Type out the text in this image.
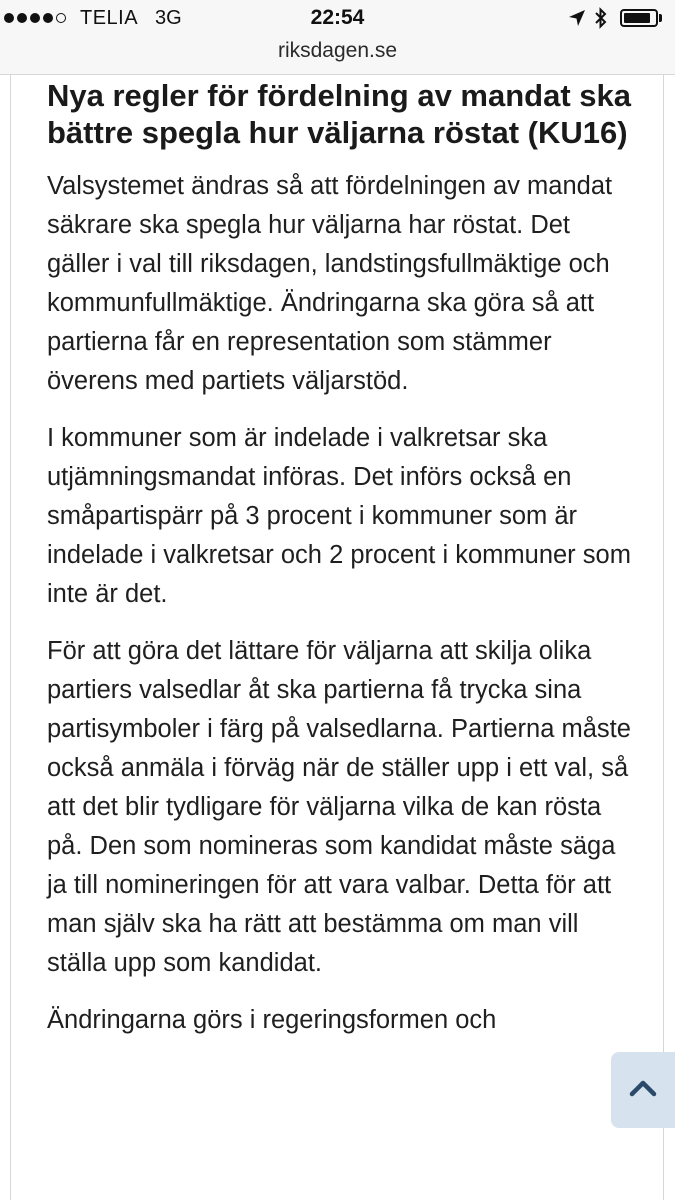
TELIA 3G	22:54
riksdagen.se
Nya regler för fördelning av mandat ska bättre spegla hur väljarna röstat (KU16)

Valsystemet ändras så att fördelningen av mandat säkrare ska spegla hur väljarna har röstat. Det gäller i val till riksdagen, landstingsfullmäktige och kommunfullmäktige. Ändringarna ska göra så att partierna får en representation som stämmer överens med partiets väljarstöd.

I kommuner som är indelade i valkretsar ska utjämningsmandat införas. Det införs också en småpartispärr på 3 procent i kommuner som är indelade i valkretsar och 2 procent i kommuner som inte är det.

För att göra det lättare för väljarna att skilja olika partiers valsedlar åt ska partierna få trycka sina partisymboler i färg på valsedlarna. Partierna måste också anmäla i förväg när de ställer upp i ett val, så att det blir tydligare för väljarna vilka de kan rösta på. Den som nomineras som kandidat måste säga ja till nomineringen för att vara valbar. Detta för att man själv ska ha rätt att bestämma om man vill ställa upp som kandidat.

Ändringarna görs i regeringsformen och
